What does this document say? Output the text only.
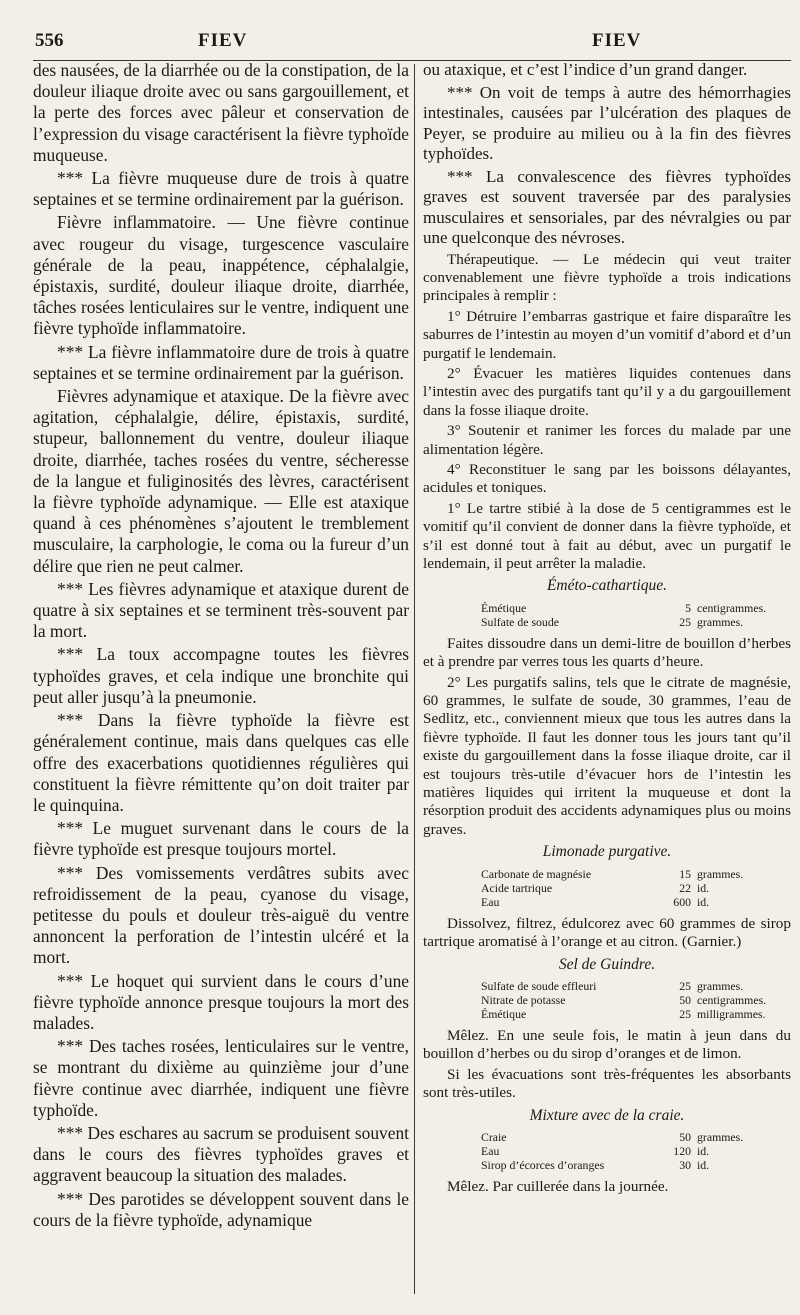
556	FIEV	FIEV

des nausées, de la diarrhée ou de la constipation, de la douleur iliaque droite avec ou sans gargouillement, et la perte des forces avec pâleur et conservation de l’expression du visage caractérisent la fièvre typhoïde muqueuse.

*** La fièvre muqueuse dure de trois à quatre septaines et se termine ordinairement par la guérison.

Fièvre inflammatoire. — Une fièvre continue avec rougeur du visage, turgescence vasculaire générale de la peau, inappétence, céphalalgie, épistaxis, surdité, douleur iliaque droite, diarrhée, tâches rosées lenticulaires sur le ventre, indiquent une fièvre typhoïde inflammatoire.

*** La fièvre inflammatoire dure de trois à quatre septaines et se termine ordinairement par la guérison.

Fièvres adynamique et ataxique. De la fièvre avec agitation, céphalalgie, délire, épistaxis, surdité, stupeur, ballonnement du ventre, douleur iliaque droite, diarrhée, taches rosées du ventre, sécheresse de la langue et fuliginosités des lèvres, caractérisent la fièvre typhoïde adynamique. — Elle est ataxique quand à ces phénomènes s’ajoutent le tremblement musculaire, la carphologie, le coma ou la fureur d’un délire que rien ne peut calmer.

*** Les fièvres adynamique et ataxique durent de quatre à six septaines et se terminent très-souvent par la mort.

*** La toux accompagne toutes les fièvres typhoïdes graves, et cela indique une bronchite qui peut aller jusqu’à la pneumonie.

*** Dans la fièvre typhoïde la fièvre est généralement continue, mais dans quelques cas elle offre des exacerbations quotidiennes régulières qui constituent la fièvre rémittente qu’on doit traiter par le quinquina.

*** Le muguet survenant dans le cours de la fièvre typhoïde est presque toujours mortel.

*** Des vomissements verdâtres subits avec refroidissement de la peau, cyanose du visage, petitesse du pouls et douleur très-aiguë du ventre annoncent la perforation de l’intestin ulcéré et la mort.

*** Le hoquet qui survient dans le cours d’une fièvre typhoïde annonce presque toujours la mort des malades.

*** Des taches rosées, lenticulaires sur le ventre, se montrant du dixième au quinzième jour d’une fièvre continue avec diarrhée, indiquent une fièvre typhoïde.

*** Des eschares au sacrum se produisent souvent dans le cours des fièvres typhoïdes graves et aggravent beaucoup la situation des malades.

*** Des parotides se développent souvent dans le cours de la fièvre typhoïde, adynamique

ou ataxique, et c’est l’indice d’un grand danger.

*** On voit de temps à autre des hémorrhagies intestinales, causées par l’ulcération des plaques de Peyer, se produire au milieu ou à la fin des fièvres typhoïdes.

*** La convalescence des fièvres typhoïdes graves est souvent traversée par des paralysies musculaires et sensoriales, par des névralgies ou par une quelconque des névroses.

Thérapeutique. — Le médecin qui veut traiter convenablement une fièvre typhoïde a trois indications principales à remplir :

1° Détruire l’embarras gastrique et faire disparaître les saburres de l’intestin au moyen d’un vomitif d’abord et d’un purgatif le lendemain.

2° Évacuer les matières liquides contenues dans l’intestin avec des purgatifs tant qu’il y a du gargouillement dans la fosse iliaque droite.

3° Soutenir et ranimer les forces du malade par une alimentation légère.

4° Reconstituer le sang par les boissons délayantes, acidules et toniques.

1° Le tartre stibié à la dose de 5 centigrammes est le vomitif qu’il convient de donner dans la fièvre typhoïde, et s’il est donné tout à fait au début, avec un purgatif le lendemain, il peut arrêter la maladie.

Éméto-cathartique.
Émétique	5	centigrammes.
Sulfate de soude	25	grammes.

Faites dissoudre dans un demi-litre de bouillon d’herbes et à prendre par verres tous les quarts d’heure.

2° Les purgatifs salins, tels que le citrate de magnésie, 60 grammes, le sulfate de soude, 30 grammes, l’eau de Sedlitz, etc., conviennent mieux que tous les autres dans la fièvre typhoïde. Il faut les donner tous les jours tant qu’il existe du gargouillement dans la fosse iliaque droite, car il est toujours très-utile d’évacuer hors de l’intestin les matières liquides qui irritent la muqueuse et dont la résorption produit des accidents adynamiques plus ou moins graves.

Limonade purgative.
Carbonate de magnésie	15	grammes.
Acide tartrique	22	id.
Eau	600	id.

Dissolvez, filtrez, édulcorez avec 60 grammes de sirop tartrique aromatisé à l’orange et au citron. (Garnier.)

Sel de Guindre.
Sulfate de soude effleuri	25	grammes.
Nitrate de potasse	50	centigrammes.
Émétique	25	milligrammes.

Mêlez. En une seule fois, le matin à jeun dans du bouillon d’herbes ou du sirop d’oranges et de limon.

Si les évacuations sont très-fréquentes les absorbants sont très-utiles.

Mixture avec de la craie.
Craie	50	grammes.
Eau	120	id.
Sirop d’écorces d’oranges	30	id.

Mêlez. Par cuillerée dans la journée.
